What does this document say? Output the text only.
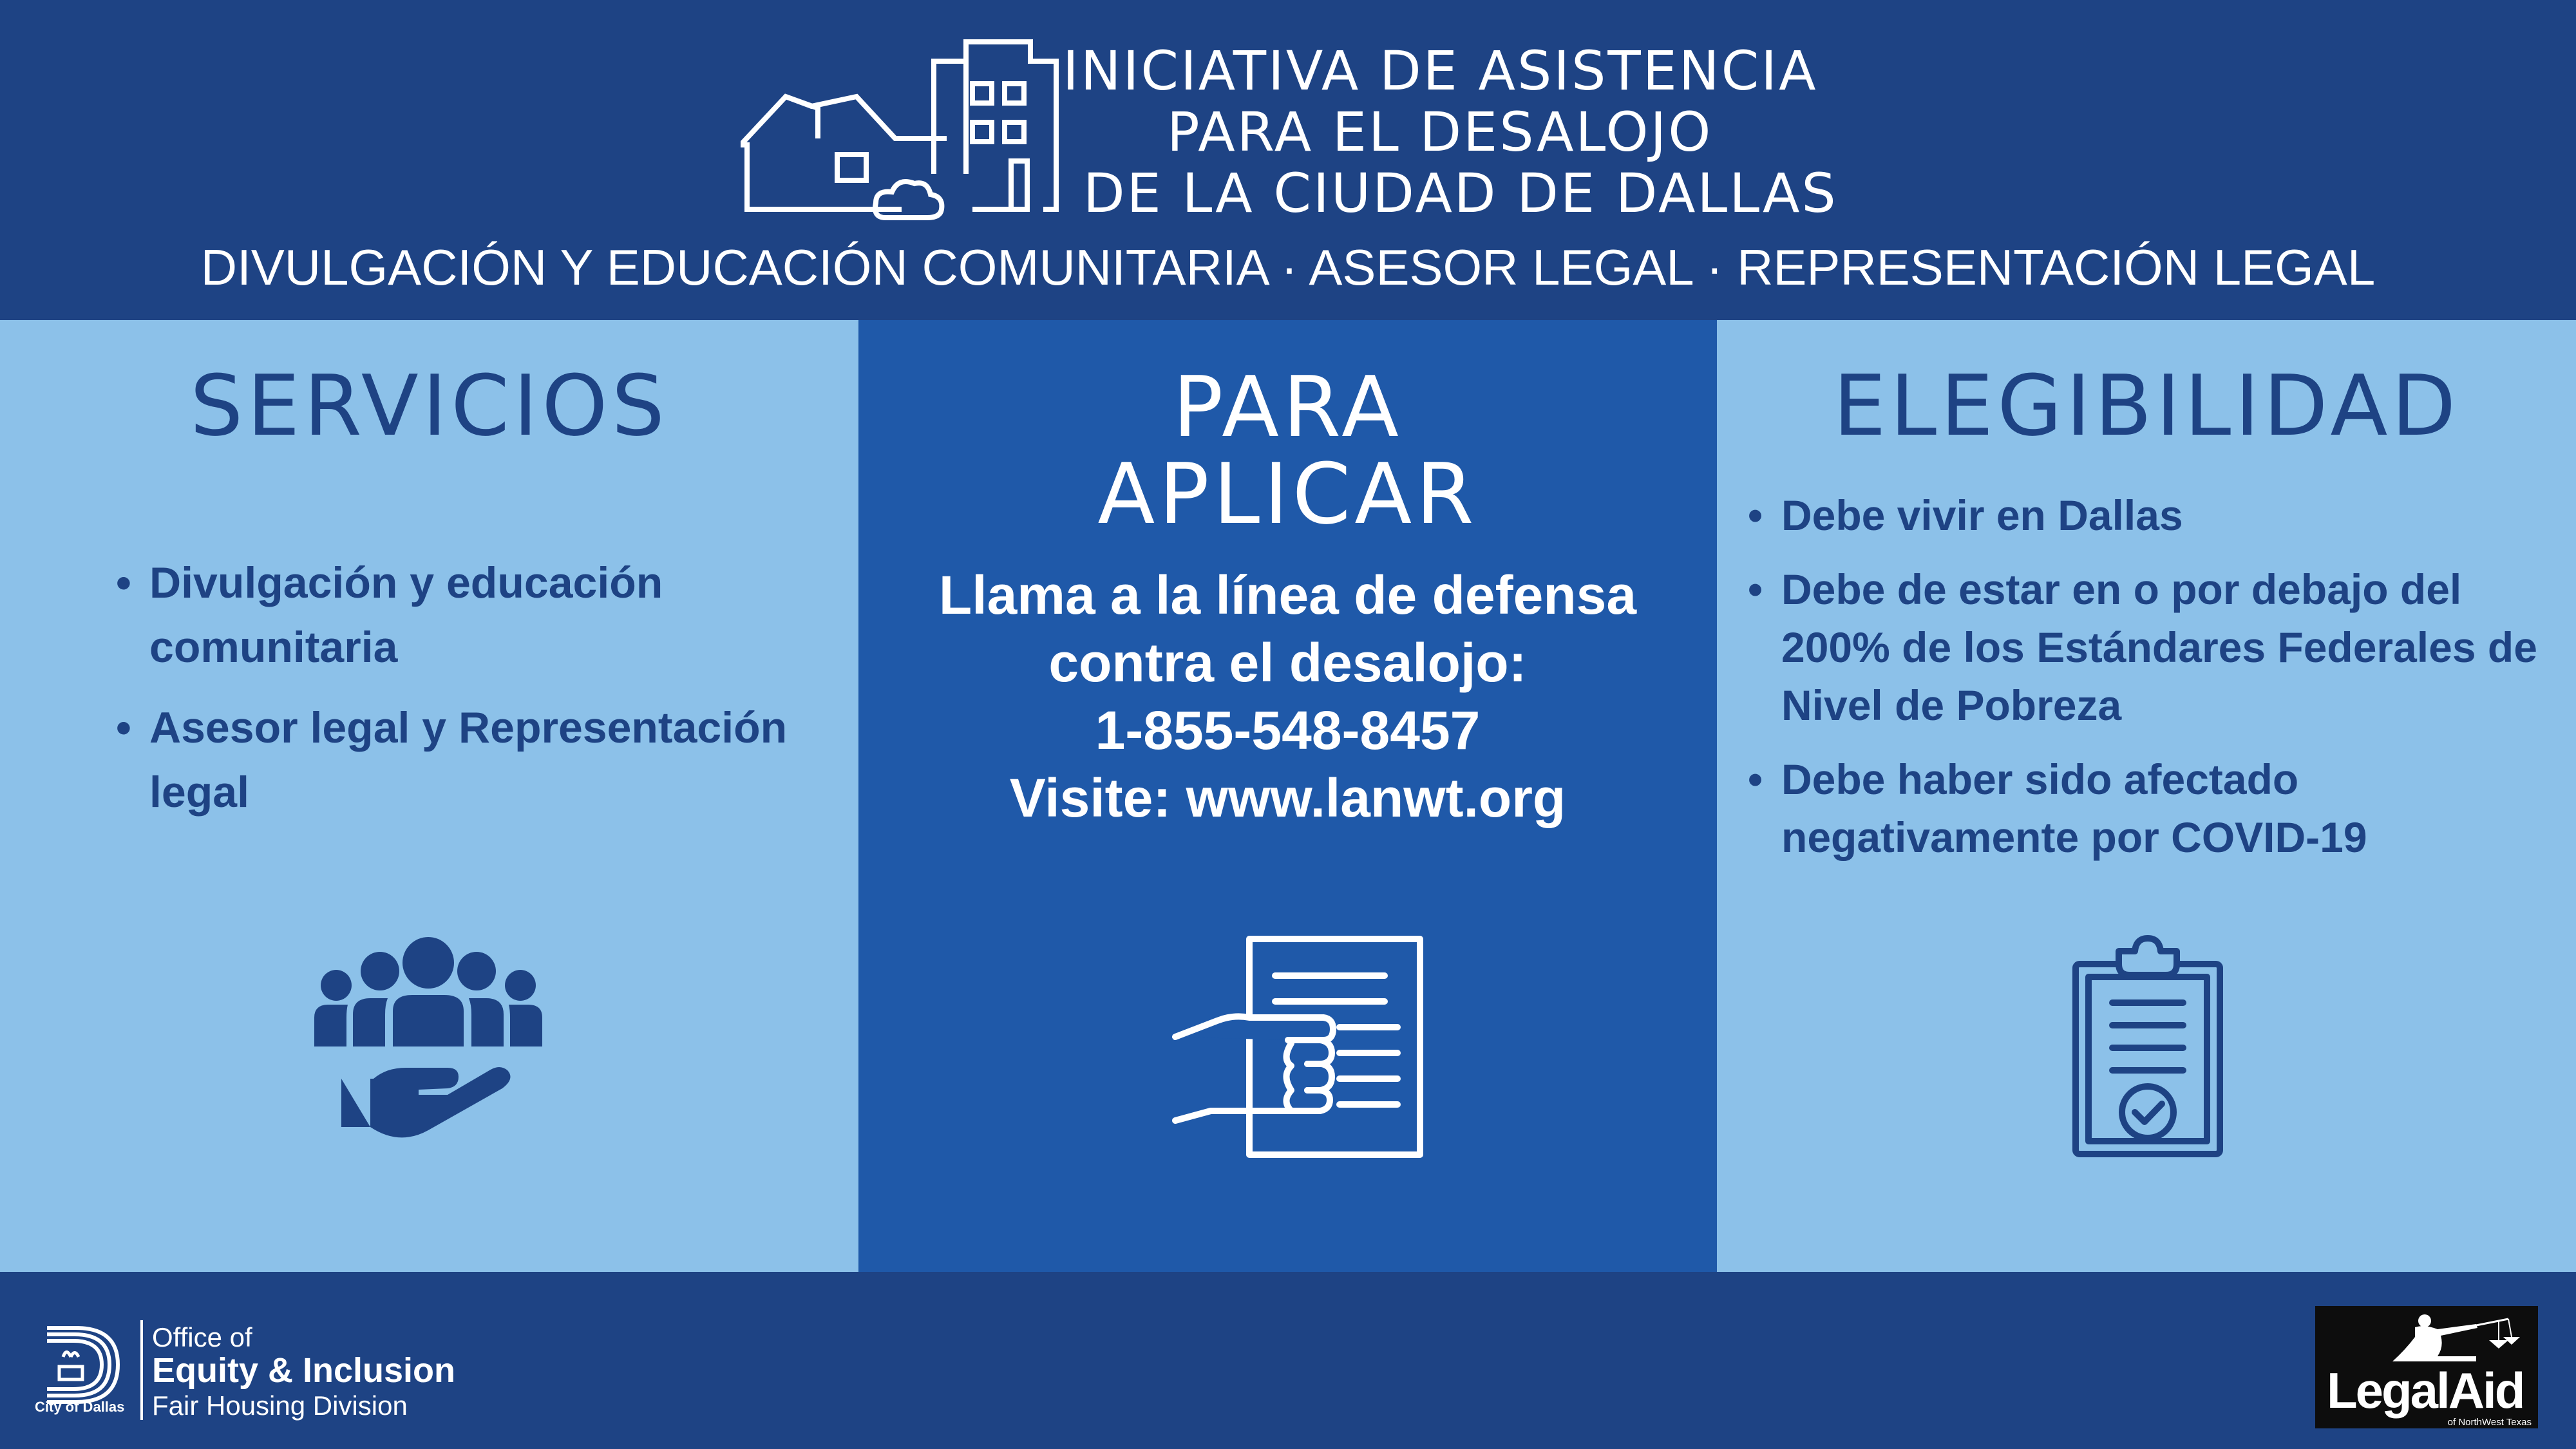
INICIATIVA DE ASISTENCIA
PARA EL DESALOJO
DE LA CIUDAD DE DALLAS
DIVULGACIÓN Y EDUCACIÓN COMUNITARIA · ASESOR LEGAL · REPRESENTACIÓN LEGAL
SERVICIOS
• Divulgación y educación comunitaria
• Asesor legal y Representación legal
PARA
APLICAR
Llama a la línea de defensa
contra el desalojo:
1-855-548-8457
Visite: www.lanwt.org
ELEGIBILIDAD
• Debe vivir en Dallas
• Debe de estar en o por debajo del 200% de los Estándares Federales de Nivel de Pobreza
• Debe haber sido afectado negativamente por COVID-19
City of Dallas
Office of
Equity & Inclusion
Fair Housing Division	LegalAid
of NorthWest Texas
